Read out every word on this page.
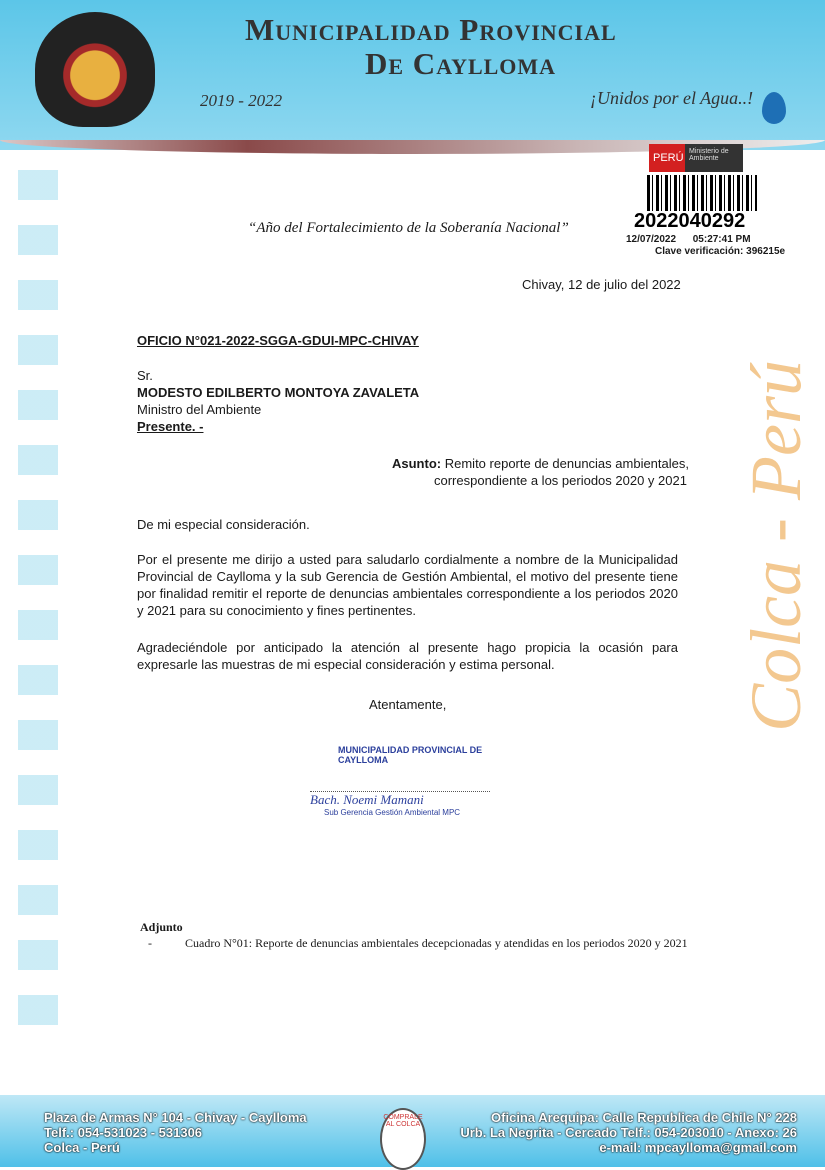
Municipalidad Provincial
De Caylloma
2019 - 2022	¡Unidos por el Agua..!
Colca - Perú
PERÚ
Ministerio de Ambiente
2022040292
12/07/2022 05:27:41 PM
Clave verificación: 396215e
“Año del Fortalecimiento de la Soberanía Nacional”
Chivay, 12 de julio del 2022
OFICIO N°021-2022-SGGA-GDUI-MPC-CHIVAY
Sr.
MODESTO EDILBERTO MONTOYA ZAVALETA
Ministro del Ambiente
Presente. -
Asunto: Remito reporte de denuncias ambientales,
correspondiente a los periodos 2020 y 2021
De mi especial consideración.
Por el presente me dirijo a usted para saludarlo cordialmente a nombre de la Municipalidad Provincial de Caylloma y la sub Gerencia de Gestión Ambiental, el motivo del presente tiene por finalidad remitir el reporte de denuncias ambientales correspondiente a los periodos 2020 y 2021 para su conocimiento y fines pertinentes.
Agradeciéndole por anticipado la atención al presente hago propicia la ocasión para expresarle las muestras de mi especial consideración y estima personal.
Atentamente,
MUNICIPALIDAD PROVINCIAL DE CAYLLOMA
Bach. Noemi Mamani
Sub Gerencia Gestión Ambiental MPC
Adjunto
-	Cuadro N°01: Reporte de denuncias ambientales decepcionadas y atendidas en los periodos 2020 y 2021
Plaza de Armas N° 104 - Chivay - Caylloma
Telf.: 054-531023 - 531306
Colca - Perú
COMPRALE AL COLCA	Oficina Arequipa: Calle Republica de Chile N° 228
Urb. La Negrita - Cercado Telf.: 054-203010 - Anexo: 26
e-mail: mpcaylloma@gmail.com
